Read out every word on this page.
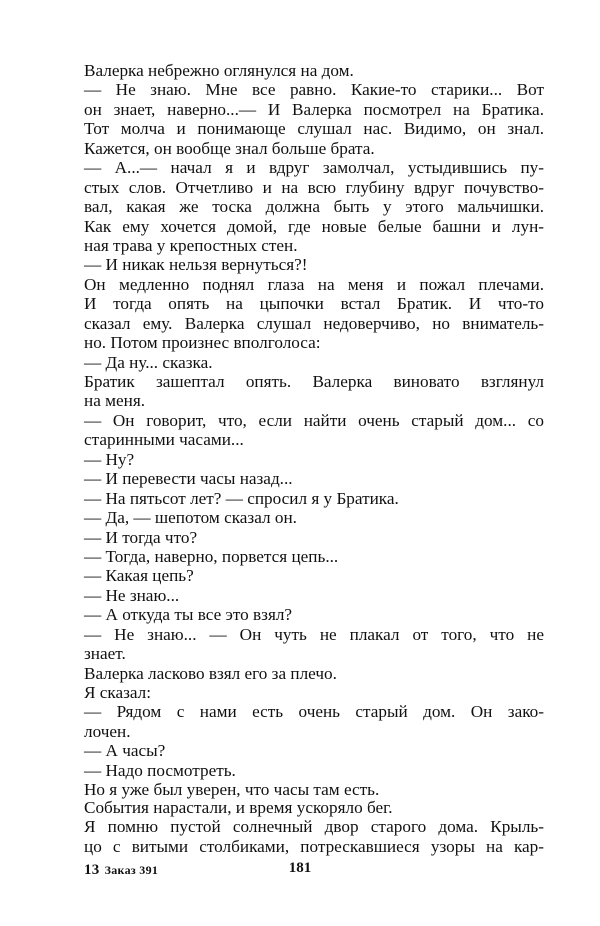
Валерка небрежно оглянулся на дом.
— Не знаю. Мне все равно. Какие-то старики... Вот
он знает, наверно...— И Валерка посмотрел на Братика.
Тот молча и понимающе слушал нас. Видимо, он знал.
Кажется, он вообще знал больше брата.
— А...— начал я и вдруг замолчал, устыдившись пу-
стых слов. Отчетливо и на всю глубину вдруг почувство-
вал, какая же тоска должна быть у этого мальчишки.
Как ему хочется домой, где новые белые башни и лун-
ная трава у крепостных стен.
— И никак нельзя вернуться?!
Он медленно поднял глаза на меня и пожал плечами.
И тогда опять на цыпочки встал Братик. И что-то
сказал ему. Валерка слушал недоверчиво, но вниматель-
но. Потом произнес вполголоса:
— Да ну... сказка.
Братик зашептал опять. Валерка виновато взглянул
на меня.
— Он говорит, что, если найти очень старый дом... со
старинными часами...
— Ну?
— И перевести часы назад...
— На пятьсот лет? — спросил я у Братика.
— Да, — шепотом сказал он.
— И тогда что?
— Тогда, наверно, порвется цепь...
— Какая цепь?
— Не знаю...
— А откуда ты все это взял?
— Не знаю... — Он чуть не плакал от того, что не
знает.
Валерка ласково взял его за плечо.
Я сказал:
— Рядом с нами есть очень старый дом. Он зако-
лочен.
— А часы?
— Надо посмотреть.
Но я уже был уверен, что часы там есть.
События нарастали, и время ускоряло бег.
Я помню пустой солнечный двор старого дома. Крыль-
цо с витыми столбиками, потрескавшиеся узоры на кар-
13 Заказ 391	181
